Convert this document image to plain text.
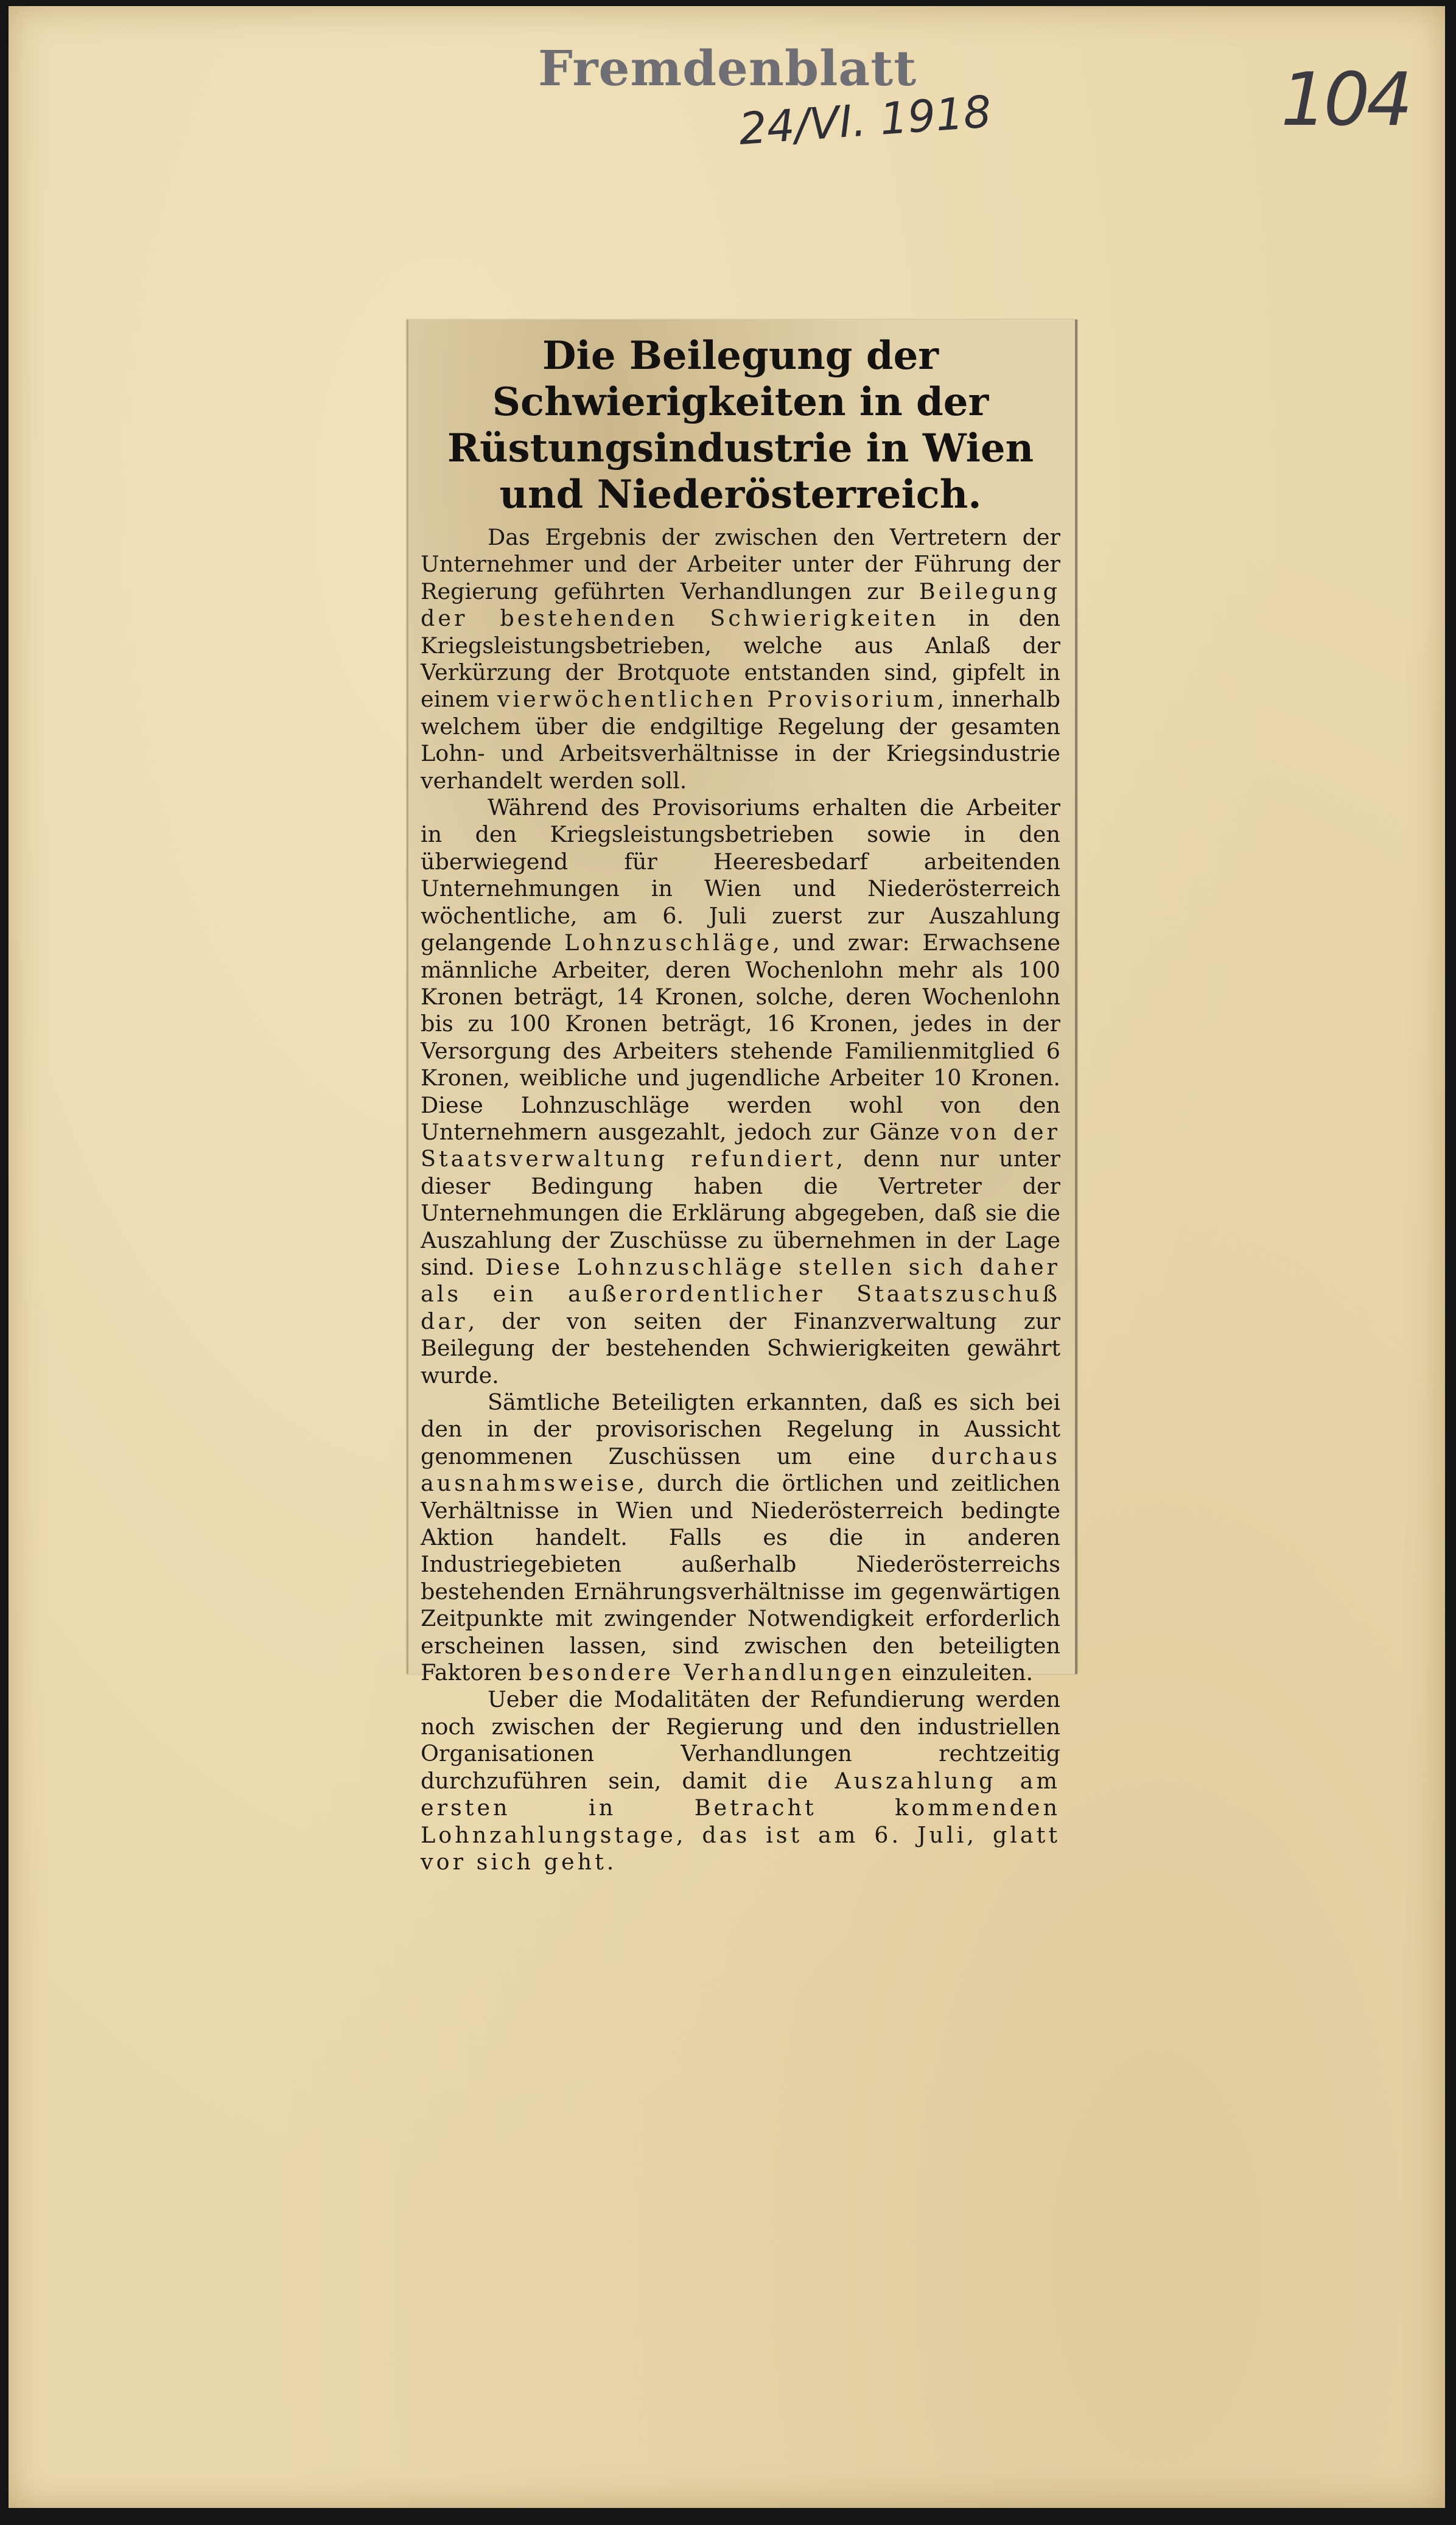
Fremdenblatt
24/VI. 1918	104
Die Beilegung der Schwierigkeiten in der Rüstungsindustrie in Wien und Niederösterreich.

Das Ergebnis der zwischen den Vertretern der Unternehmer und der Arbeiter unter der Führung der Regierung geführten Verhandlungen zur Beilegung der bestehenden Schwierigkeiten in den Kriegsleistungsbetrieben, welche aus Anlaß der Verkürzung der Brotquote entstanden sind, gipfelt in einem vierwöchentlichen Provisorium, innerhalb welchem über die endgiltige Regelung der gesamten Lohn- und Arbeitsverhältnisse in der Kriegsindustrie verhandelt werden soll.

Während des Provisoriums erhalten die Arbeiter in den Kriegsleistungsbetrieben sowie in den überwiegend für Heeresbedarf arbeitenden Unternehmungen in Wien und Niederösterreich wöchentliche, am 6. Juli zuerst zur Auszahlung gelangende Lohnzuschläge, und zwar: Erwachsene männliche Arbeiter, deren Wochenlohn mehr als 100 Kronen beträgt, 14 Kronen, solche, deren Wochenlohn bis zu 100 Kronen beträgt, 16 Kronen, jedes in der Versorgung des Arbeiters stehende Familienmitglied 6 Kronen, weibliche und jugendliche Arbeiter 10 Kronen. Diese Lohnzuschläge werden wohl von den Unternehmern ausgezahlt, jedoch zur Gänze von der Staatsverwaltung refundiert, denn nur unter dieser Bedingung haben die Vertreter der Unternehmungen die Erklärung abgegeben, daß sie die Auszahlung der Zuschüsse zu übernehmen in der Lage sind. Diese Lohnzuschläge stellen sich daher als ein außerordentlicher Staatszuschuß dar, der von seiten der Finanzverwaltung zur Beilegung der bestehenden Schwierigkeiten gewährt wurde.

Sämtliche Beteiligten erkannten, daß es sich bei den in der provisorischen Regelung in Aussicht genommenen Zuschüssen um eine durchaus ausnahmsweise, durch die örtlichen und zeitlichen Verhältnisse in Wien und Niederösterreich bedingte Aktion handelt. Falls es die in anderen Industriegebieten außerhalb Niederösterreichs bestehenden Ernährungsverhältnisse im gegenwärtigen Zeitpunkte mit zwingender Notwendigkeit erforderlich erscheinen lassen, sind zwischen den beteiligten Faktoren besondere Verhandlungen einzuleiten.

Ueber die Modalitäten der Refundierung werden noch zwischen der Regierung und den industriellen Organisationen Verhandlungen rechtzeitig durchzuführen sein, damit die Auszahlung am ersten in Betracht kommenden Lohnzahlungstage, das ist am 6. Juli, glatt vor sich geht.
